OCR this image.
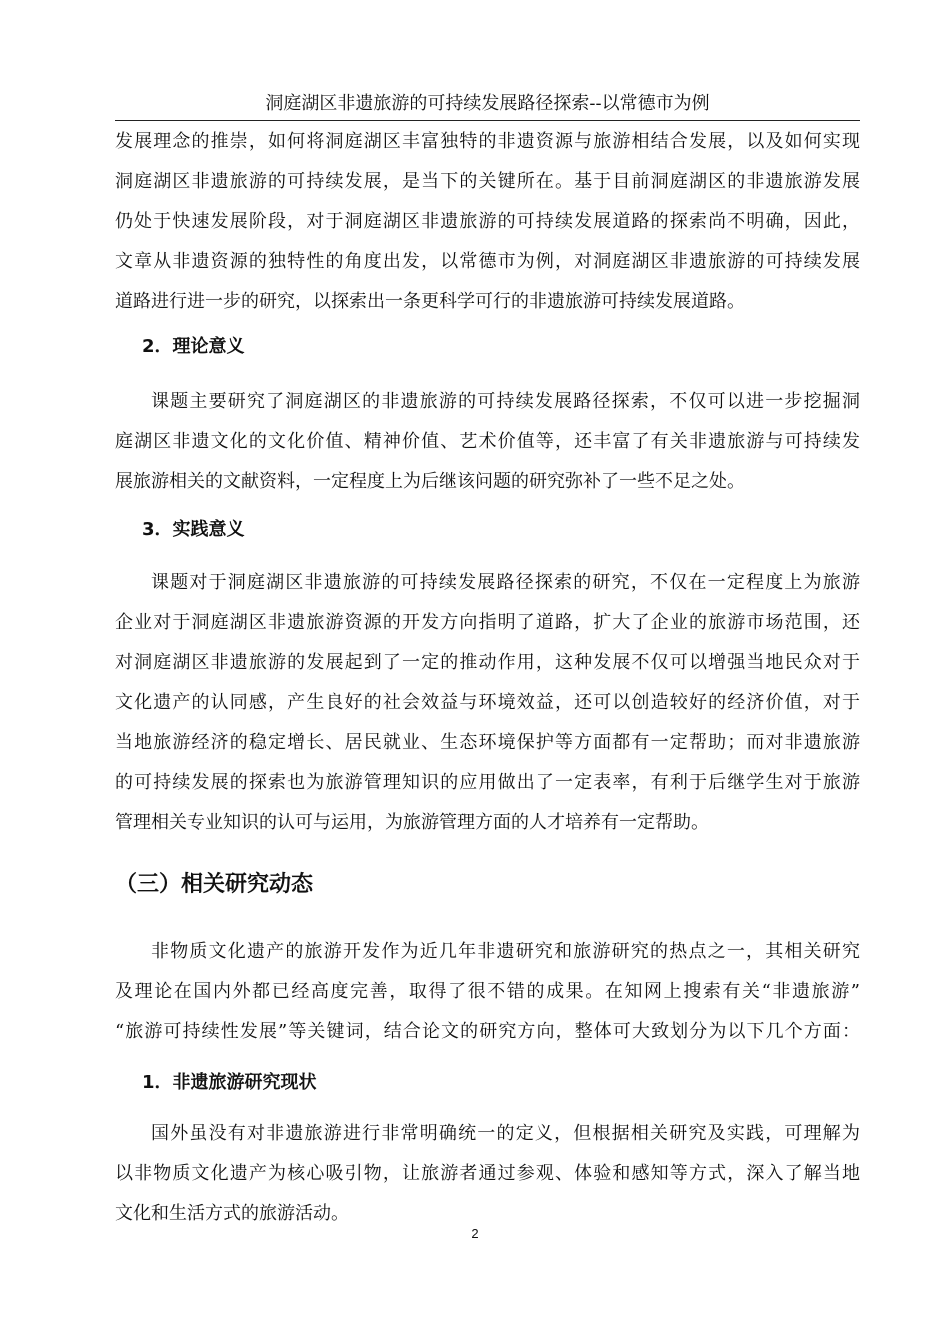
洞庭湖区非遗旅游的可持续发展路径探索--以常德市为例
发展理念的推崇，如何将洞庭湖区丰富独特的非遗资源与旅游相结合发展，以及如何实现
洞庭湖区非遗旅游的可持续发展，是当下的关键所在。基于目前洞庭湖区的非遗旅游发展
仍处于快速发展阶段，对于洞庭湖区非遗旅游的可持续发展道路的探索尚不明确，因此，
文章从非遗资源的独特性的角度出发，以常德市为例，对洞庭湖区非遗旅游的可持续发展
道路进行进一步的研究，以探索出一条更科学可行的非遗旅游可持续发展道路。
2．理论意义
课题主要研究了洞庭湖区的非遗旅游的可持续发展路径探索，不仅可以进一步挖掘洞
庭湖区非遗文化的文化价值、精神价值、艺术价值等，还丰富了有关非遗旅游与可持续发
展旅游相关的文献资料，一定程度上为后继该问题的研究弥补了一些不足之处。
3．实践意义
课题对于洞庭湖区非遗旅游的可持续发展路径探索的研究，不仅在一定程度上为旅游
企业对于洞庭湖区非遗旅游资源的开发方向指明了道路，扩大了企业的旅游市场范围，还
对洞庭湖区非遗旅游的发展起到了一定的推动作用，这种发展不仅可以增强当地民众对于
文化遗产的认同感，产生良好的社会效益与环境效益，还可以创造较好的经济价值，对于
当地旅游经济的稳定增长、居民就业、生态环境保护等方面都有一定帮助；而对非遗旅游
的可持续发展的探索也为旅游管理知识的应用做出了一定表率，有利于后继学生对于旅游
管理相关专业知识的认可与运用，为旅游管理方面的人才培养有一定帮助。
（三）相关研究动态
非物质文化遗产的旅游开发作为近几年非遗研究和旅游研究的热点之一，其相关研究
及理论在国内外都已经高度完善，取得了很不错的成果。在知网上搜索有关“非遗旅游”
“旅游可持续性发展”等关键词，结合论文的研究方向，整体可大致划分为以下几个方面：
1．非遗旅游研究现状
国外虽没有对非遗旅游进行非常明确统一的定义，但根据相关研究及实践，可理解为
以非物质文化遗产为核心吸引物，让旅游者通过参观、体验和感知等方式，深入了解当地
文化和生活方式的旅游活动。
2
